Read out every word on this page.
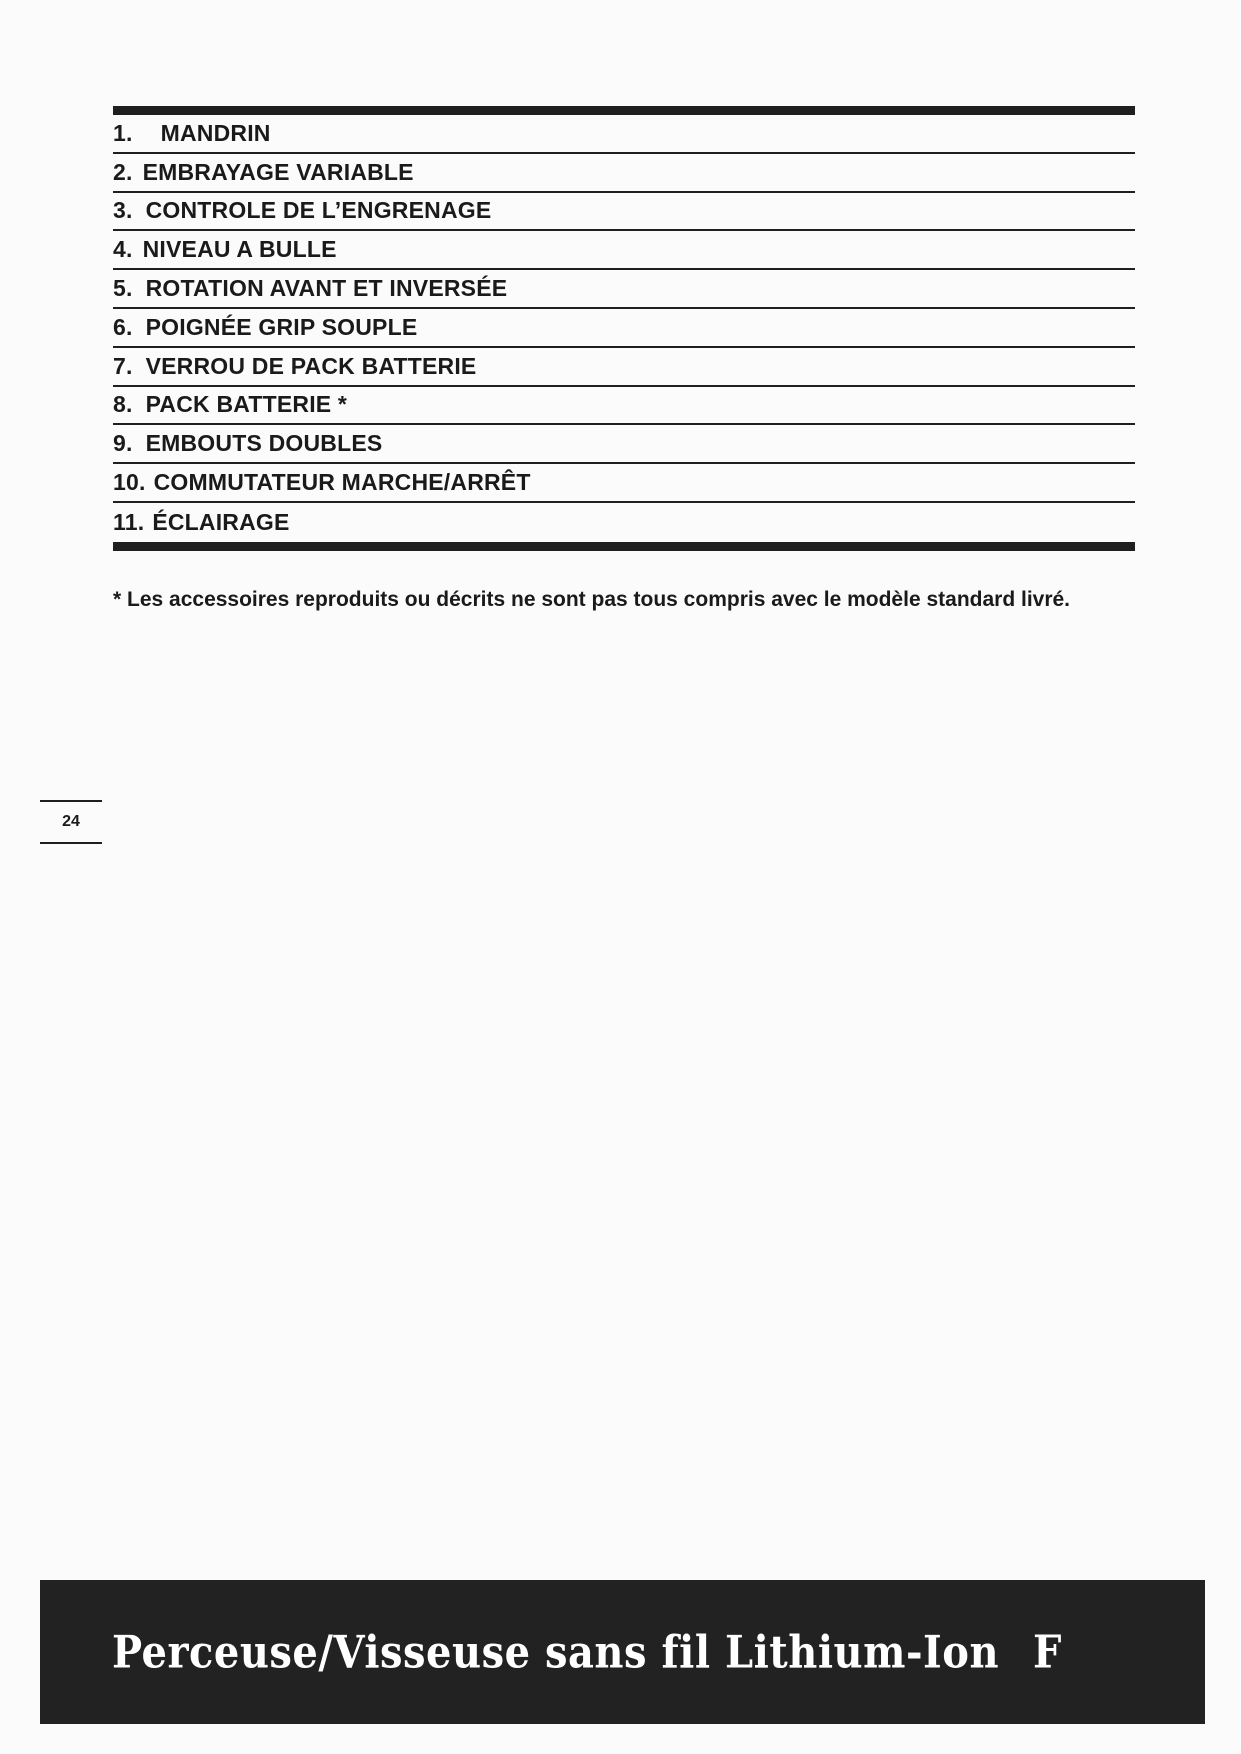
1. MANDRIN
2. EMBRAYAGE VARIABLE
3. CONTROLE DE L’ENGRENAGE
4. NIVEAU A BULLE
5. ROTATION AVANT ET INVERSÉE
6. POIGNÉE GRIP SOUPLE
7. VERROU DE PACK BATTERIE
8. PACK BATTERIE *
9. EMBOUTS DOUBLES
10. COMMUTATEUR MARCHE/ARRÊT
11. ÉCLAIRAGE
* Les accessoires reproduits ou décrits ne sont pas tous compris avec le modèle standard livré.
24
Perceuse/Visseuse sans fil Lithium-Ion F
